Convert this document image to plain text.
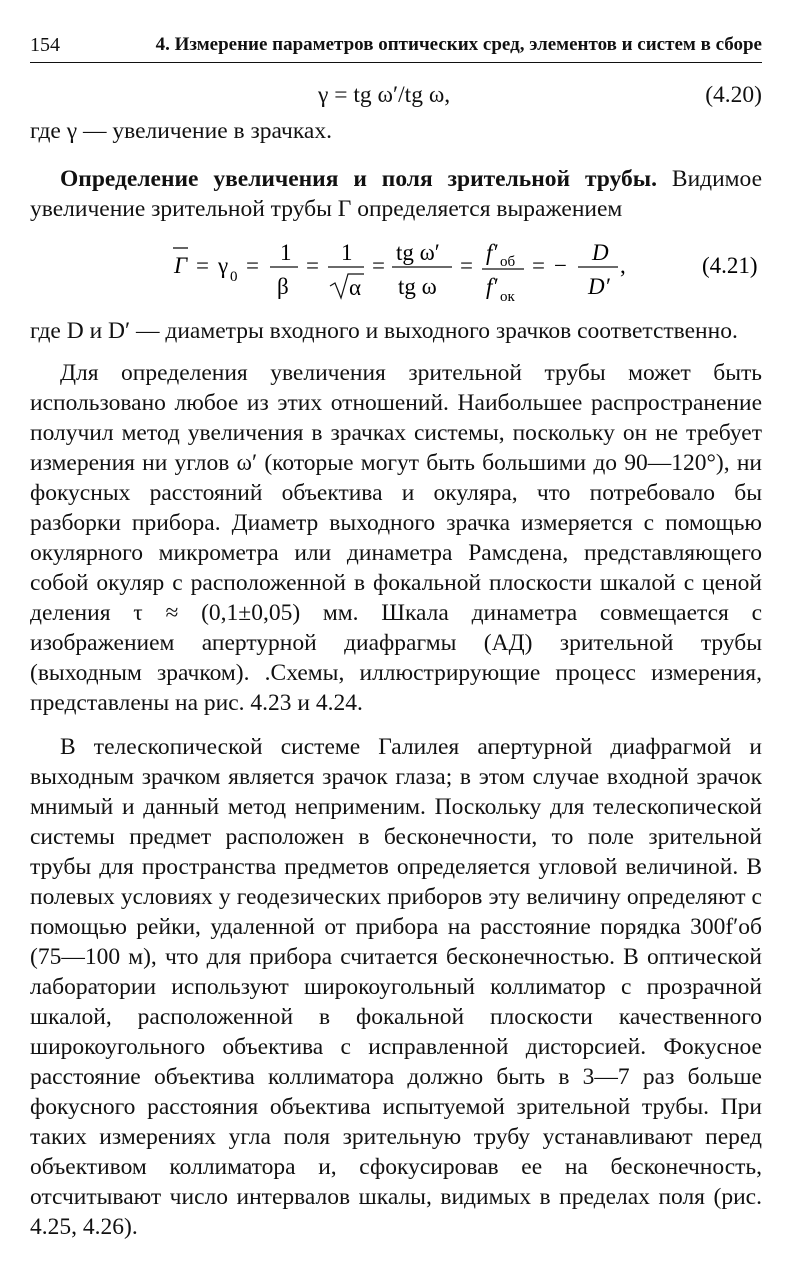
154	4. Измерение параметров оптических сред, элементов и систем в сборе
γ = tg ω′/tg ω,	(4.20)

где γ — увеличение в зрачках.

Определение увеличения и поля зрительной трубы. Видимое увеличение зрительной трубы Г определяется выражением

Г = γ 0 =
1
β
=
1
α
=
tg ω′
tg ω
=
f′ об
f′ ок
= −
D
D′
,	(4.21)

где D и D′ — диаметры входного и выходного зрачков соответственно.

Для определения увеличения зрительной трубы может быть использовано любое из этих отношений. Наибольшее распространение получил метод увеличения в зрачках системы, поскольку он не требует измерения ни углов ω′ (которые могут быть большими до 90—120°), ни фокусных расстояний объектива и окуляра, что потребовало бы разборки прибора. Диаметр выходного зрачка измеряется с помощью окулярного микрометра или динаметра Рамсдена, представляющего собой окуляр с расположенной в фокальной плоскости шкалой с ценой деления τ ≈ (0,1±0,05) мм. Шкала динаметра совмещается с изображением апертурной диафрагмы (АД) зрительной трубы (выходным зрачком). .Схемы, иллюстрирующие процесс измерения, представлены на рис. 4.23 и 4.24.

В телескопической системе Галилея апертурной диафрагмой и выходным зрачком является зрачок глаза; в этом случае входной зрачок мнимый и данный метод неприменим. Поскольку для телескопической системы предмет расположен в бесконечности, то поле зрительной трубы для пространства предметов определяется угловой величиной. В полевых условиях у геодезических приборов эту величину определяют с помощью рейки, удаленной от прибора на расстояние порядка 300f′об (75—100 м), что для прибора считается бесконечностью. В оптической лаборатории используют широкоугольный коллиматор с прозрачной шкалой, расположенной в фокальной плоскости качественного широкоугольного объектива с исправленной дисторсией. Фокусное расстояние объектива коллиматора должно быть в 3—7 раз больше фокусного расстояния объектива испытуемой зрительной трубы. При таких измерениях угла поля зрительную трубу устанавливают перед объективом коллиматора и, сфокусировав ее на бесконечность, отсчитывают число интервалов шкалы, видимых в пределах поля (рис. 4.25, 4.26).
